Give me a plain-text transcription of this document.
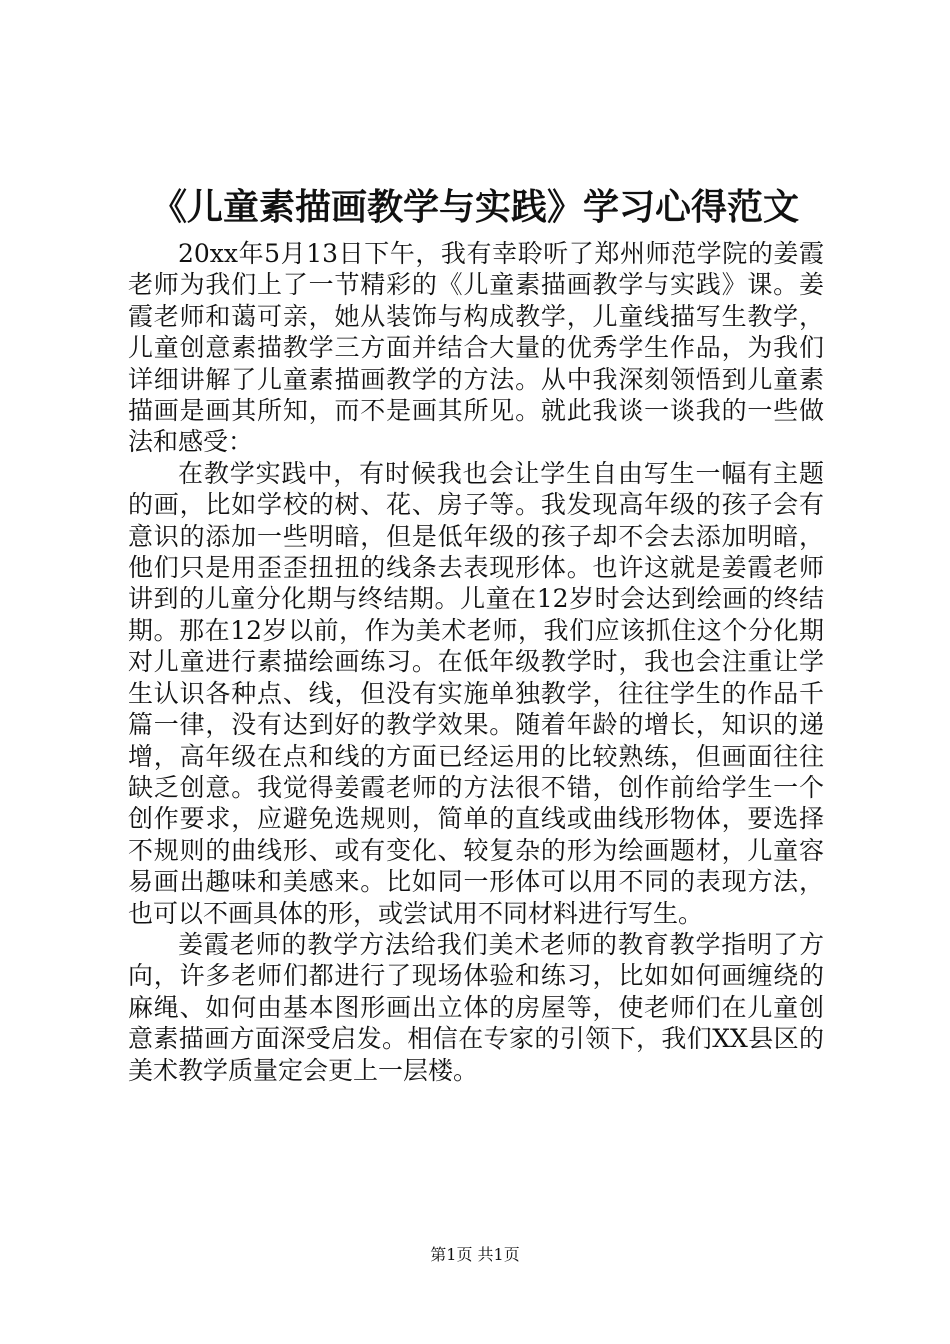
《儿童素描画教学与实践》学习心得范文

20xx年5月13日下午，我有幸聆听了郑州师范学院的姜霞老师为我们上了一节精彩的《儿童素描画教学与实践》课。姜霞老师和蔼可亲，她从装饰与构成教学，儿童线描写生教学，儿童创意素描教学三方面并结合大量的优秀学生作品，为我们详细讲解了儿童素描画教学的方法。从中我深刻领悟到儿童素描画是画其所知，而不是画其所见。就此我谈一谈我的一些做法和感受：

在教学实践中，有时候我也会让学生自由写生一幅有主题的画，比如学校的树、花、房子等。我发现高年级的孩子会有意识的添加一些明暗，但是低年级的孩子却不会去添加明暗，他们只是用歪歪扭扭的线条去表现形体。也许这就是姜霞老师讲到的儿童分化期与终结期。儿童在12岁时会达到绘画的终结期。那在12岁以前，作为美术老师，我们应该抓住这个分化期对儿童进行素描绘画练习。在低年级教学时，我也会注重让学生认识各种点、线，但没有实施单独教学，往往学生的作品千篇一律，没有达到好的教学效果。随着年龄的增长，知识的递增，高年级在点和线的方面已经运用的比较熟练，但画面往往缺乏创意。我觉得姜霞老师的方法很不错，创作前给学生一个创作要求，应避免选规则，简单的直线或曲线形物体，要选择不规则的曲线形、或有变化、较复杂的形为绘画题材，儿童容易画出趣味和美感来。比如同一形体可以用不同的表现方法，也可以不画具体的形，或尝试用不同材料进行写生。

姜霞老师的教学方法给我们美术老师的教育教学指明了方向，许多老师们都进行了现场体验和练习，比如如何画缠绕的麻绳、如何由基本图形画出立体的房屋等，使老师们在儿童创意素描画方面深受启发。相信在专家的引领下，我们XX县区的美术教学质量定会更上一层楼。

第1页 共1页
